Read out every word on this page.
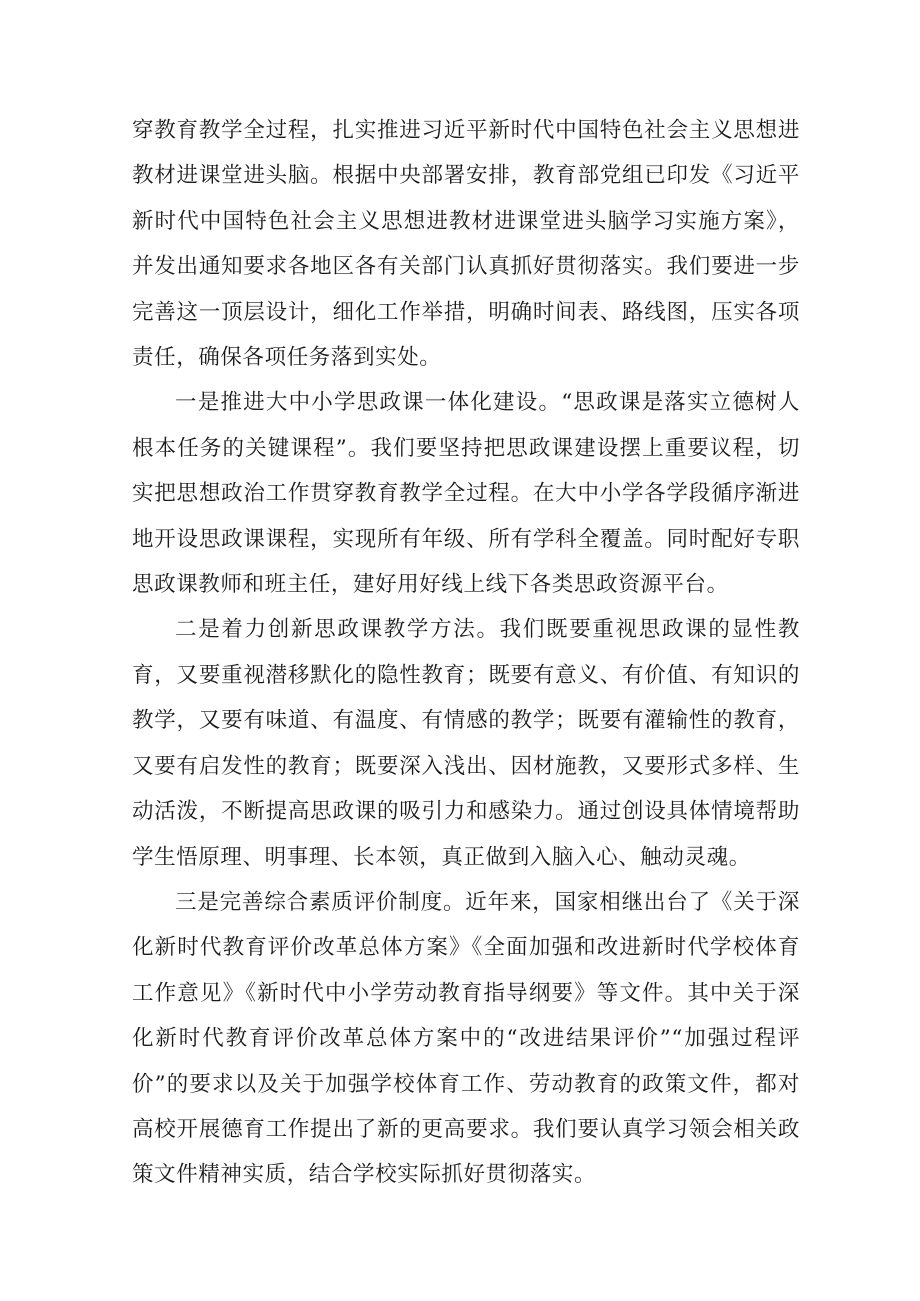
穿教育教学全过程，扎实推进习近平新时代中国特色社会主义思想进教材进课堂进头脑。根据中央部署安排，教育部党组已印发《习近平新时代中国特色社会主义思想进教材进课堂进头脑学习实施方案》，并发出通知要求各地区各有关部门认真抓好贯彻落实。我们要进一步完善这一顶层设计，细化工作举措，明确时间表、路线图，压实各项责任，确保各项任务落到实处。

一是推进大中小学思政课一体化建设。“思政课是落实立德树人根本任务的关键课程”。我们要坚持把思政课建设摆上重要议程，切实把思想政治工作贯穿教育教学全过程。在大中小学各学段循序渐进地开设思政课课程，实现所有年级、所有学科全覆盖。同时配好专职思政课教师和班主任，建好用好线上线下各类思政资源平台。

二是着力创新思政课教学方法。我们既要重视思政课的显性教育，又要重视潜移默化的隐性教育；既要有意义、有价值、有知识的教学，又要有味道、有温度、有情感的教学；既要有灌输性的教育，又要有启发性的教育；既要深入浅出、因材施教，又要形式多样、生动活泼，不断提高思政课的吸引力和感染力。通过创设具体情境帮助学生悟原理、明事理、长本领，真正做到入脑入心、触动灵魂。

三是完善综合素质评价制度。近年来，国家相继出台了《关于深化新时代教育评价改革总体方案》《全面加强和改进新时代学校体育工作意见》《新时代中小学劳动教育指导纲要》等文件。其中关于深化新时代教育评价改革总体方案中的“改进结果评价”“加强过程评价”的要求以及关于加强学校体育工作、劳动教育的政策文件，都对高校开展德育工作提出了新的更高要求。我们要认真学习领会相关政策文件精神实质，结合学校实际抓好贯彻落实。
